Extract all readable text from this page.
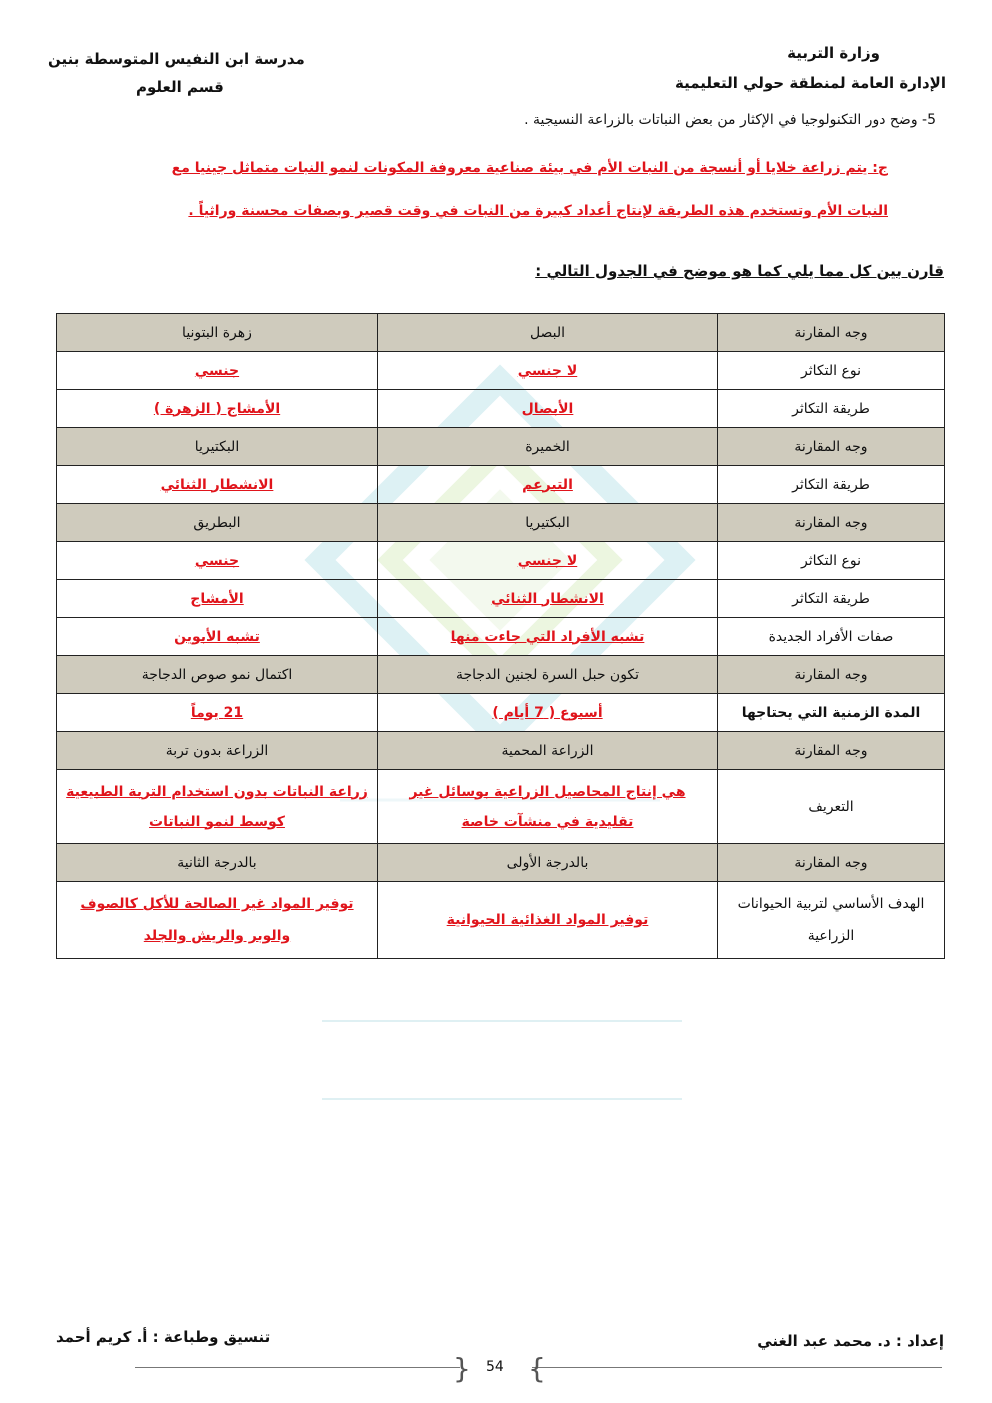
وزارة التربية
الإدارة العامة لمنطقة حولي التعليمية
مدرسة ابن النفيس المتوسطة بنين
قسم العلوم
5- وضح دور التكنولوجيا في الإكثار من بعض النباتات بالزراعة النسيجية .
ج: يتم زراعة خلايا أو أنسجة من النبات الأم في بيئة صناعية معروفة المكونات لنمو النبات متماثل جينيا مع
النبات الأم وتستخدم هذه الطريقة لإنتاج أعداد كبيرة من النبات في وقت قصير وبصفات محسنة وراثياً .
قارن بين كل مما يلي كما هو موضح في الجدول التالي :
وجه المقارنة	البصل	زهرة البتونيا
نوع التكاثر	لا جنسي	جنسي
طريقة التكاثر	الأبصال	الأمشاج ( الزهرة )
وجه المقارنة	الخميرة	البكتيريا
طريقة التكاثر	التبرعم	الانشطار الثنائي
وجه المقارنة	البكتيريا	البطريق
نوع التكاثر	لا جنسي	جنسي
طريقة التكاثر	الانشطار الثنائي	الأمشاج
صفات الأفراد الجديدة	تشبه الأفراد التي جاءت منها	تشبه الأبوين
وجه المقارنة	تكون حبل السرة لجنين الدجاجة	اكتمال نمو صوص الدجاجة
المدة الزمنية التي يحتاجها	أسبوع ( 7 أيام )	21 يوماً
وجه المقارنة	الزراعة المحمية	الزراعة بدون تربة
التعريف	هي إنتاج المحاصيل الزراعية بوسائل غير تقليدية في منشآت خاصة	زراعة النباتات بدون استخدام التربة الطبيعية كوسط لنمو النباتات
وجه المقارنة	بالدرجة الأولى	بالدرجة الثانية
الهدف الأساسي لتربية الحيوانات الزراعية	توفير المواد الغذائية الحيوانية	توفير المواد غير الصالحة للأكل كالصوف والوبر والريش والجلد
إعداد : د. محمد عبد الغني
تنسيق وطباعة : أ. كريم أحمد
{ }
54
